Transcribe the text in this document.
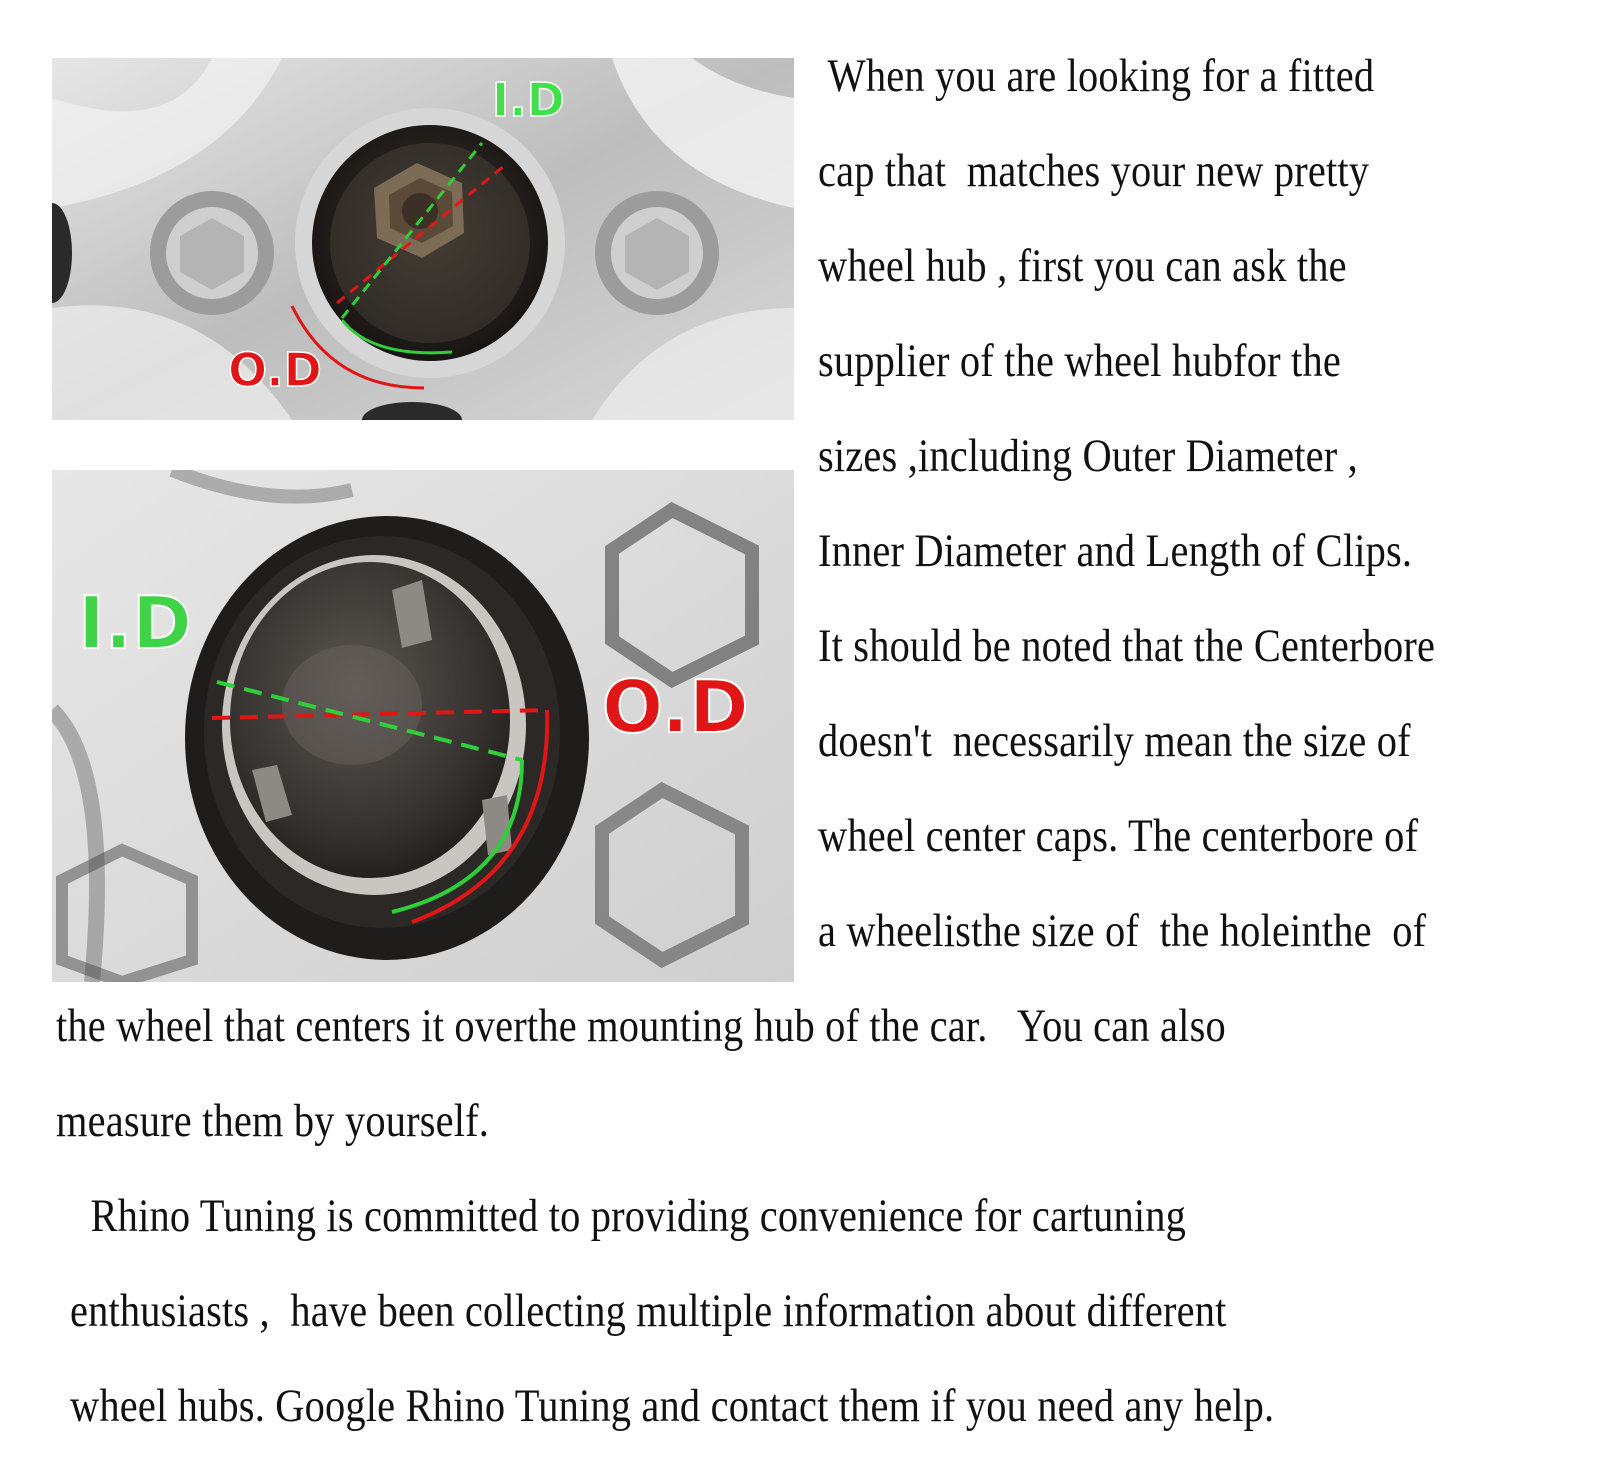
I.D
O.D
I.D
O.D
When you are looking for a fitted
cap that  matches your new pretty
wheel hub , first you can ask the
supplier of the wheel hubfor the
sizes ,including Outer Diameter ,
Inner Diameter and Length of Clips.
It should be noted that the Centerbore
doesn't  necessarily mean the size of
wheel center caps. The centerbore of
a wheelisthe size of  the holeinthe  of
the wheel that centers it overthe mounting hub of the car.   You can also
measure them by yourself.
Rhino Tuning is committed to providing convenience for cartuning
enthusiasts ,  have been collecting multiple information about different
wheel hubs. Google Rhino Tuning and contact them if you need any help.
